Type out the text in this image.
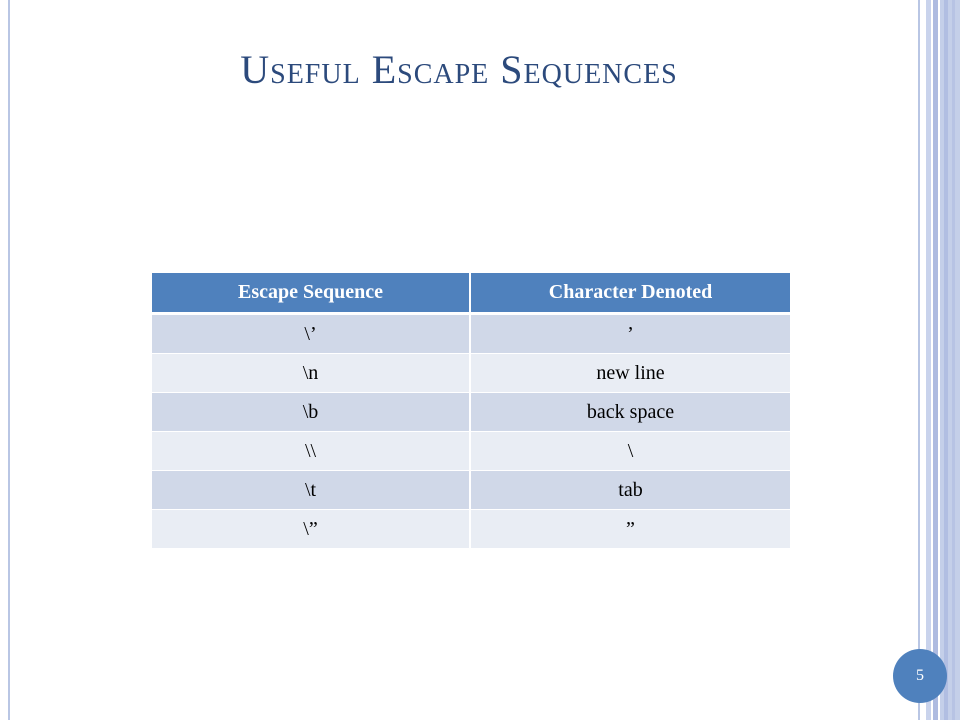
Useful Escape Sequences
Escape Sequence	Character Denoted
\’	’
\n	new line
\b	back space
\\	\
\t	tab
\”	”
5
